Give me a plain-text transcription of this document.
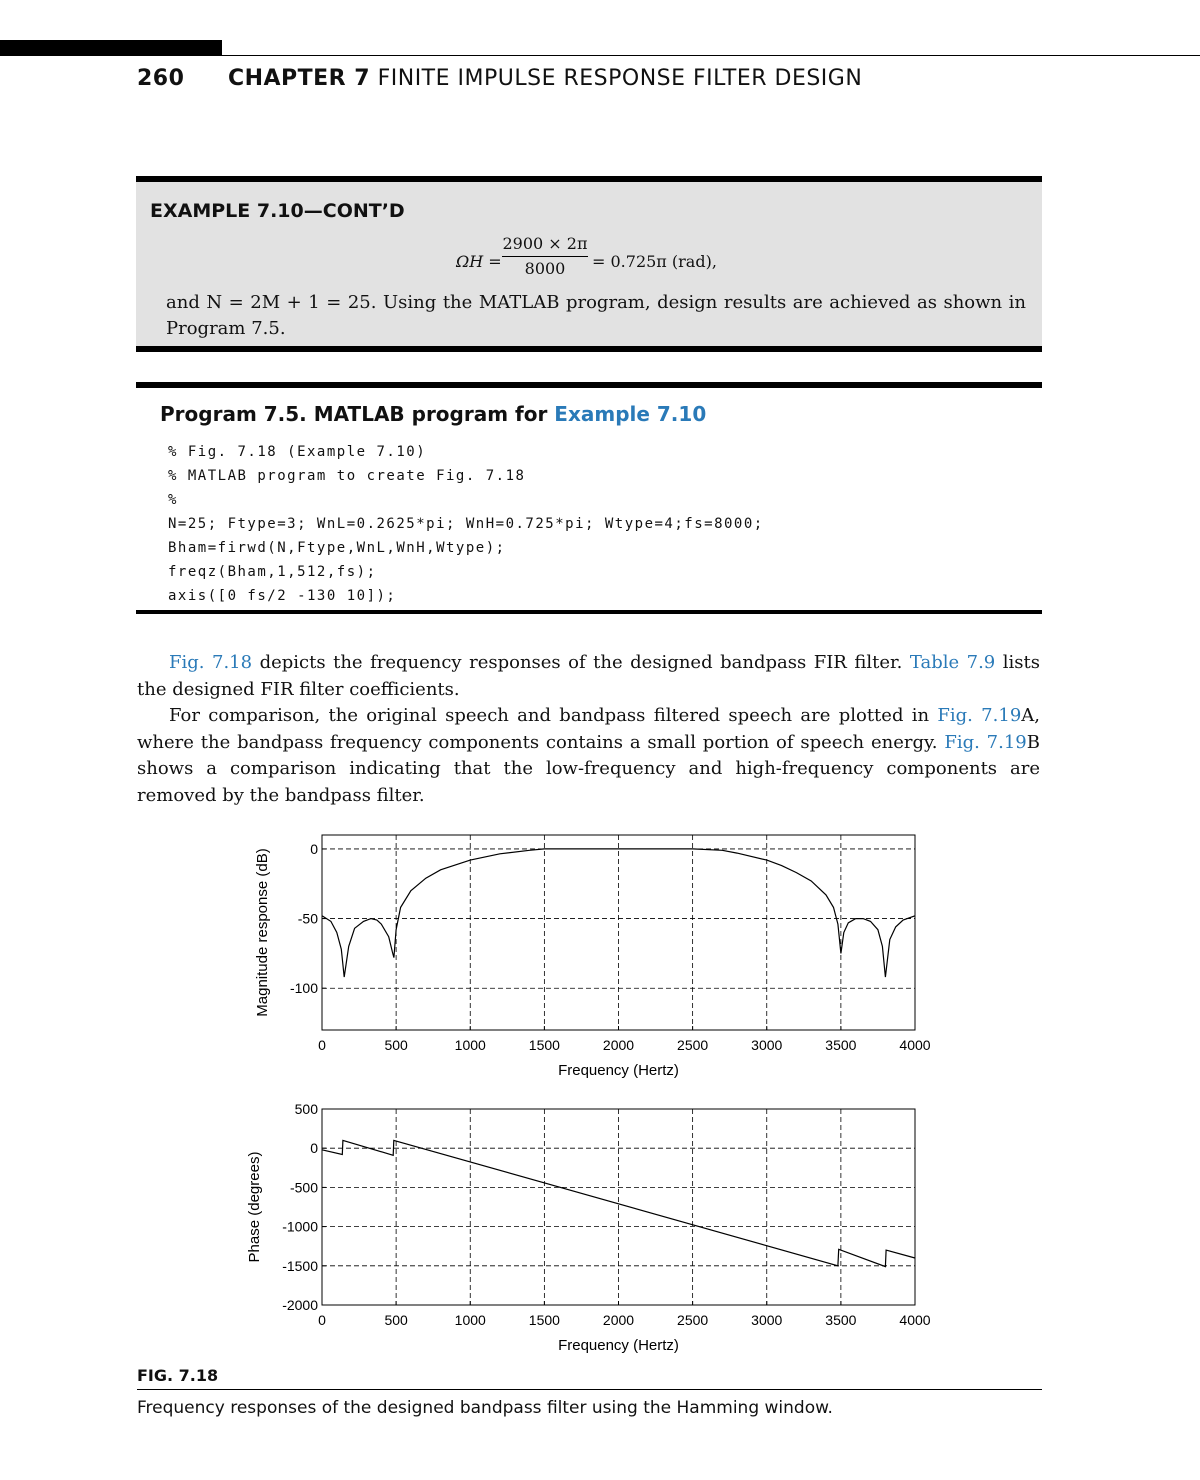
260 CHAPTER 7 FINITE IMPULSE RESPONSE FILTER DESIGN
EXAMPLE 7.10—CONT’D
$\Omega H = \frac{2900 \times 2\pi}{8000} = 0.725\pi$ (rad),
and N = 2M + 1 = 25. Using the MATLAB program, design results are achieved as shown in Program 7.5.
Program 7.5. MATLAB program for Example 7.10
% Fig. 7.18 (Example 7.10)
% MATLAB program to create Fig. 7.18
%
N=25; Ftype=3; WnL=0.2625*pi; WnH=0.725*pi; Wtype=4;fs=8000;
Bham=firwd(N,Ftype,WnL,WnH,Wtype);
freqz(Bham,1,512,fs);
axis([0 fs/2 -130 10]);

Fig. 7.18 depicts the frequency responses of the designed bandpass FIR filter. Table 7.9 lists the designed FIR filter coefficients.

For comparison, the original speech and bandpass filtered speech are plotted in Fig. 7.19A, where the bandpass frequency components contains a small portion of speech energy. Fig. 7.19B shows a comparison indicating that the low-frequency and high-frequency components are removed by the bandpass filter.

0	500	1000	1500	2000	2500	3000	3500	4000
0
-50
-100
Frequency (Hertz)
Magnitude response (dB)
0	500	1000	1500	2000	2500	3000	3500	4000
500
0
-500
-1000
-1500
-2000
Frequency (Hertz)
Phase (degrees)
FIG. 7.18
Frequency responses of the designed bandpass filter using the Hamming window.
